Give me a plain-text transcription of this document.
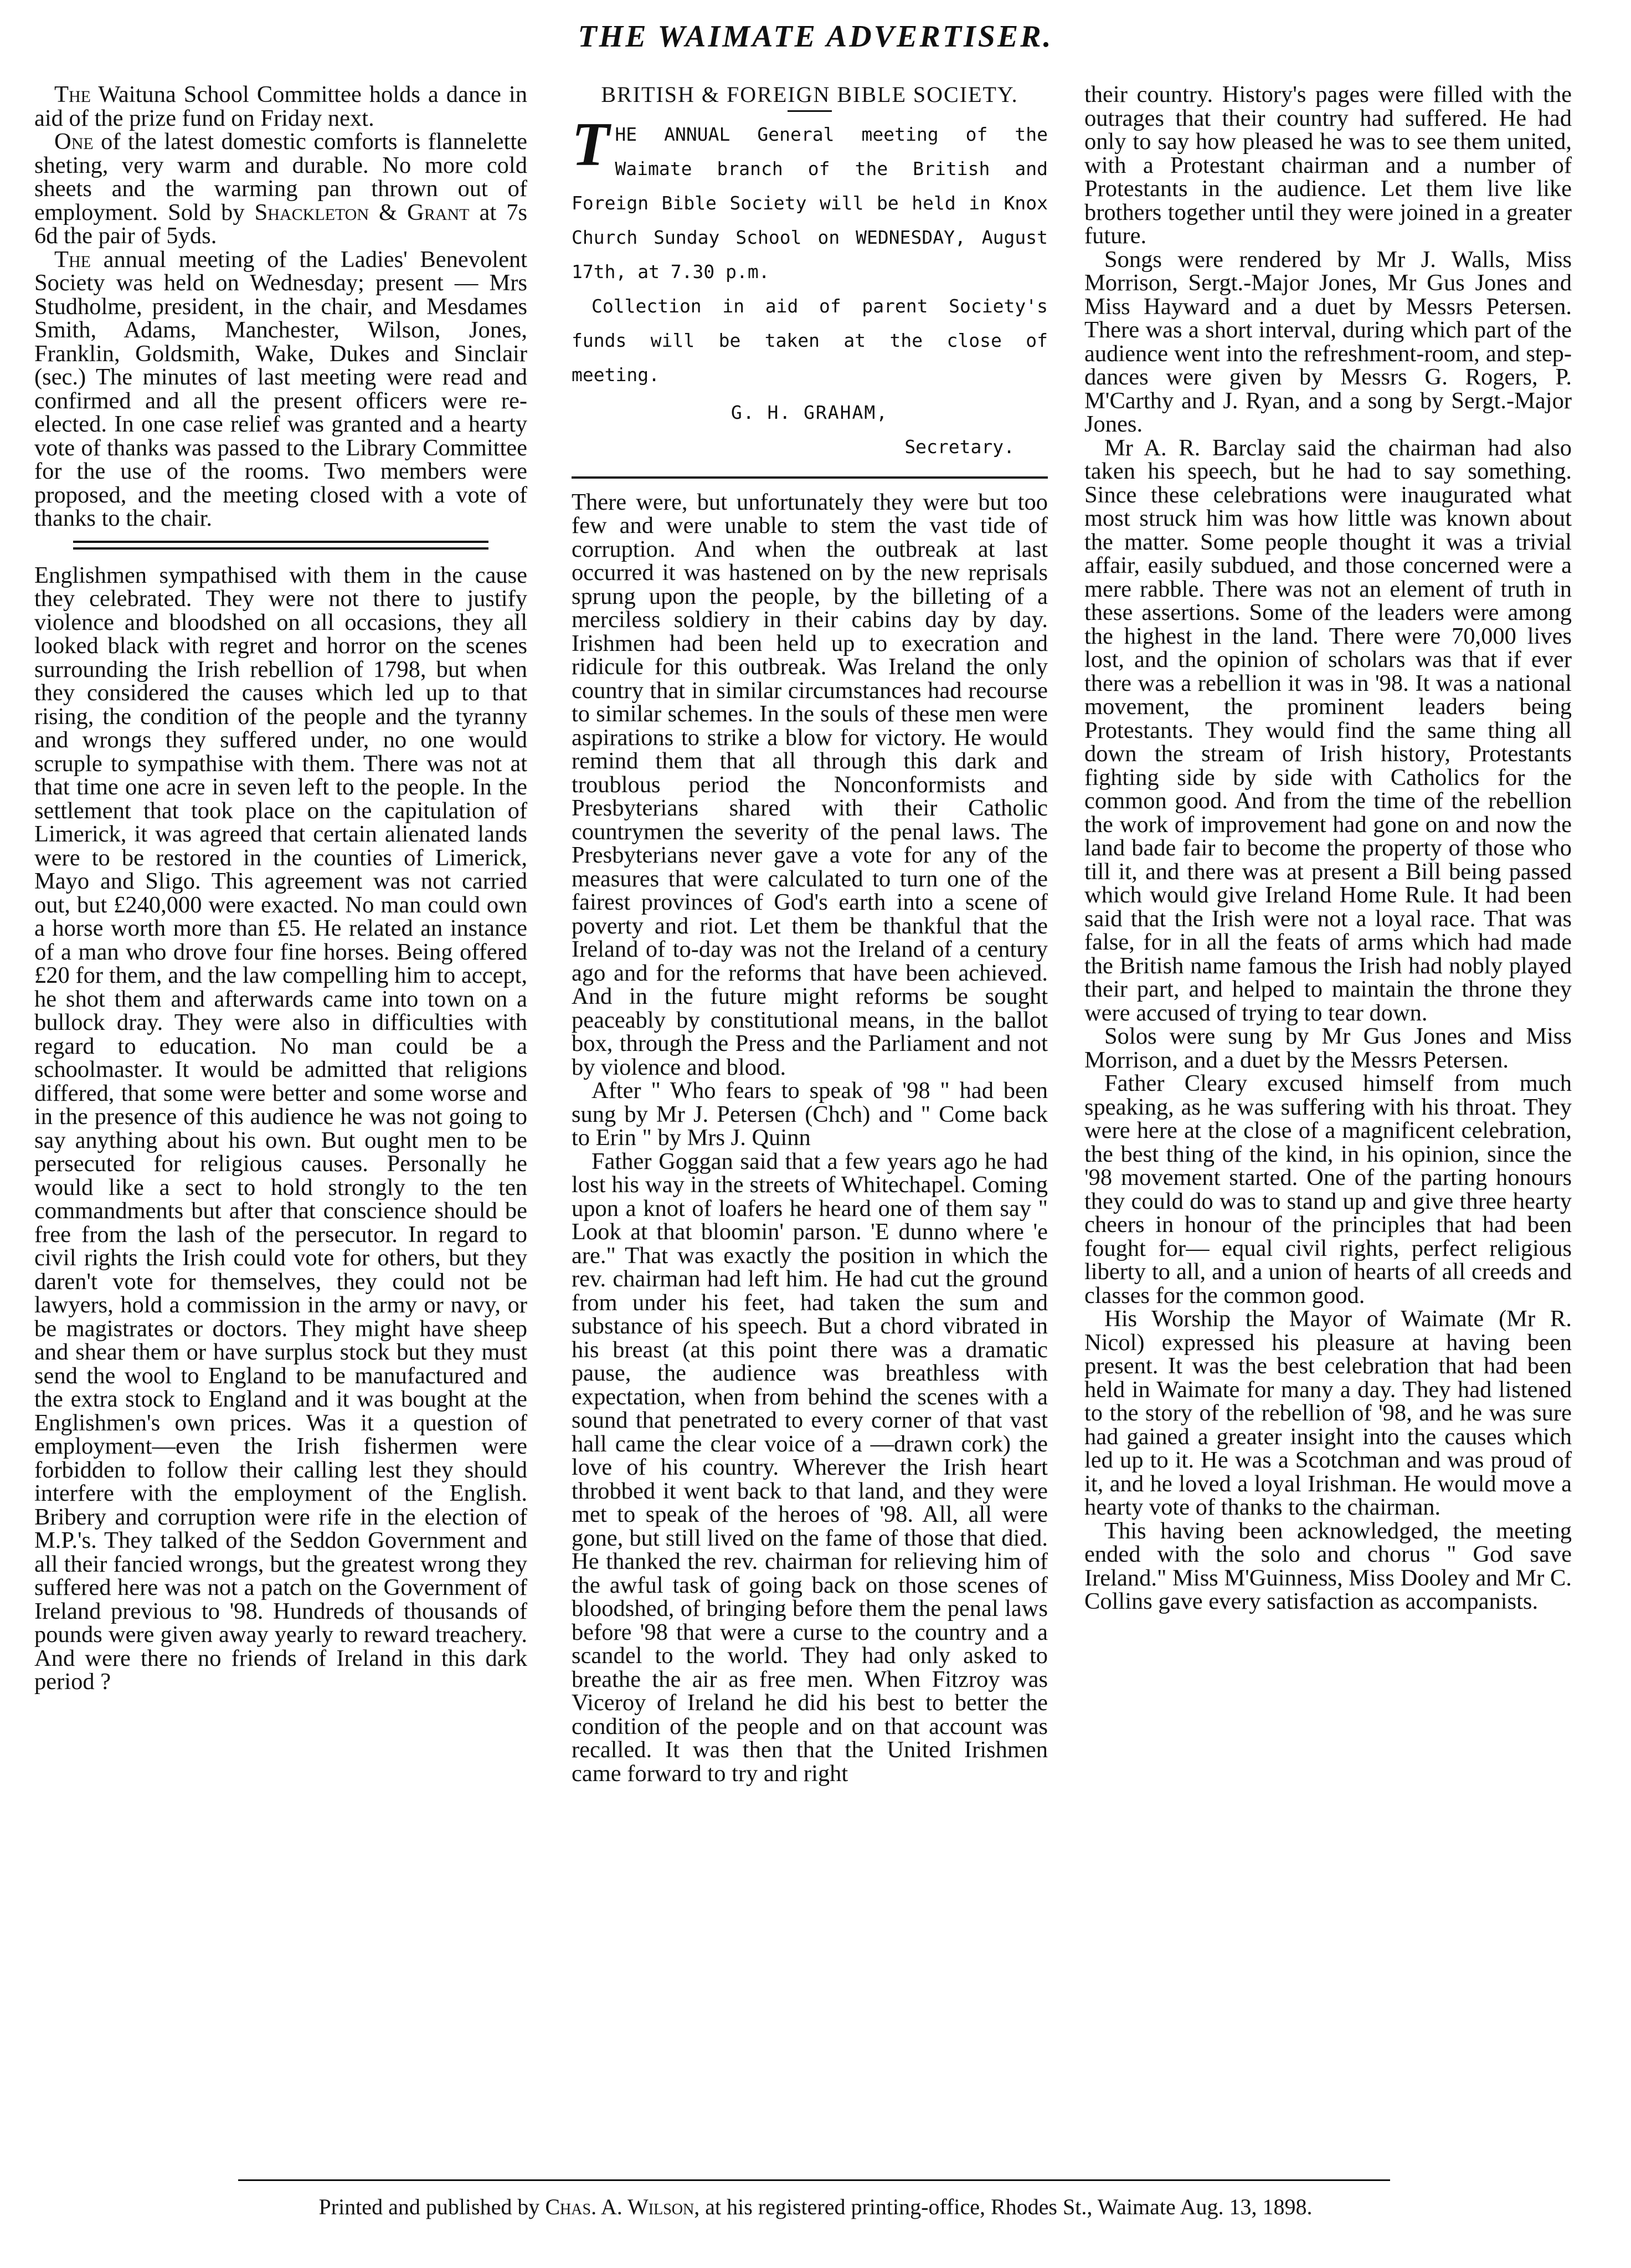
THE WAIMATE ADVERTISER.

The Waituna School Committee holds a dance in aid of the prize fund on Friday next.

One of the latest domestic comforts is flannelette sheting, very warm and durable. No more cold sheets and the warming pan thrown out of employment. Sold by Shackleton & Grant at 7s 6d the pair of 5yds.

The annual meeting of the Ladies' Benevolent Society was held on Wednesday; present — Mrs Studholme, president, in the chair, and Mesdames Smith, Adams, Manchester, Wilson, Jones, Franklin, Goldsmith, Wake, Dukes and Sinclair (sec.) The minutes of last meeting were read and confirmed and all the present officers were re-elected. In one case relief was granted and a hearty vote of thanks was passed to the Library Committee for the use of the rooms. Two members were proposed, and the meeting closed with a vote of thanks to the chair.

Englishmen sympathised with them in the cause they celebrated. They were not there to justify violence and bloodshed on all occasions, they all looked black with regret and horror on the scenes surrounding the Irish rebellion of 1798, but when they considered the causes which led up to that rising, the condition of the people and the tyranny and wrongs they suffered under, no one would scruple to sympathise with them. There was not at that time one acre in seven left to the people. In the settlement that took place on the capitulation of Limerick, it was agreed that certain alienated lands were to be restored in the counties of Limerick, Mayo and Sligo. This agreement was not carried out, but £240,000 were exacted. No man could own a horse worth more than £5. He related an instance of a man who drove four fine horses. Being offered £20 for them, and the law compelling him to accept, he shot them and afterwards came into town on a bullock dray. They were also in difficulties with regard to education. No man could be a schoolmaster. It would be admitted that religions differed, that some were better and some worse and in the presence of this audience he was not going to say anything about his own. But ought men to be persecuted for religious causes. Personally he would like a sect to hold strongly to the ten commandments but after that conscience should be free from the lash of the persecutor. In regard to civil rights the Irish could vote for others, but they daren't vote for themselves, they could not be lawyers, hold a commission in the army or navy, or be magistrates or doctors. They might have sheep and shear them or have surplus stock but they must send the wool to England to be manufactured and the extra stock to England and it was bought at the Englishmen's own prices. Was it a question of employment—even the Irish fishermen were forbidden to follow their calling lest they should interfere with the employment of the English. Bribery and corruption were rife in the election of M.P.'s. They talked of the Seddon Government and all their fancied wrongs, but the greatest wrong they suffered here was not a patch on the Government of Ireland previous to '98. Hundreds of thousands of pounds were given away yearly to reward treachery. And were there no friends of Ireland in this dark period ?

BRITISH & FOREIGN BIBLE SOCIETY.
T HE ANNUAL General meeting of the Waimate branch of the British and Foreign Bible Society will be held in Knox Church Sunday School on WEDNESDAY, August 17th, at 7.30 p.m.
Collection in aid of parent Society's funds will be taken at the close of meeting.
G. H. GRAHAM,
Secretary.

There were, but unfortunately they were but too few and were unable to stem the vast tide of corruption. And when the outbreak at last occurred it was hastened on by the new reprisals sprung upon the people, by the billeting of a merciless soldiery in their cabins day by day. Irishmen had been held up to execration and ridicule for this outbreak. Was Ireland the only country that in similar circumstances had recourse to similar schemes. In the souls of these men were aspirations to strike a blow for victory. He would remind them that all through this dark and troublous period the Nonconformists and Presbyterians shared with their Catholic countrymen the severity of the penal laws. The Presbyterians never gave a vote for any of the measures that were calculated to turn one of the fairest provinces of God's earth into a scene of poverty and riot. Let them be thankful that the Ireland of to-day was not the Ireland of a century ago and for the reforms that have been achieved. And in the future might reforms be sought peaceably by constitutional means, in the ballot box, through the Press and the Parliament and not by violence and blood.

After " Who fears to speak of '98 " had been sung by Mr J. Petersen (Chch) and " Come back to Erin " by Mrs J. Quinn

Father Goggan said that a few years ago he had lost his way in the streets of Whitechapel. Coming upon a knot of loafers he heard one of them say " Look at that bloomin' parson. 'E dunno where 'e are." That was exactly the position in which the rev. chairman had left him. He had cut the ground from under his feet, had taken the sum and substance of his speech. But a chord vibrated in his breast (at this point there was a dramatic pause, the audience was breathless with expectation, when from behind the scenes with a sound that penetrated to every corner of that vast hall came the clear voice of a —drawn cork) the love of his country. Wherever the Irish heart throbbed it went back to that land, and they were met to speak of the heroes of '98. All, all were gone, but still lived on the fame of those that died. He thanked the rev. chairman for relieving him of the awful task of going back on those scenes of bloodshed, of bringing before them the penal laws before '98 that were a curse to the country and a scandel to the world. They had only asked to breathe the air as free men. When Fitzroy was Viceroy of Ireland he did his best to better the condition of the people and on that account was recalled. It was then that the United Irishmen came forward to try and right

their country. History's pages were filled with the outrages that their country had suffered. He had only to say how pleased he was to see them united, with a Protestant chairman and a number of Protestants in the audience. Let them live like brothers together until they were joined in a greater future.

Songs were rendered by Mr J. Walls, Miss Morrison, Sergt.-Major Jones, Mr Gus Jones and Miss Hayward and a duet by Messrs Petersen. There was a short interval, during which part of the audience went into the refreshment-room, and step-dances were given by Messrs G. Rogers, P. M'Carthy and J. Ryan, and a song by Sergt.-Major Jones.

Mr A. R. Barclay said the chairman had also taken his speech, but he had to say something. Since these celebrations were inaugurated what most struck him was how little was known about the matter. Some people thought it was a trivial affair, easily subdued, and those concerned were a mere rabble. There was not an element of truth in these assertions. Some of the leaders were among the highest in the land. There were 70,000 lives lost, and the opinion of scholars was that if ever there was a rebellion it was in '98. It was a national movement, the prominent leaders being Protestants. They would find the same thing all down the stream of Irish history, Protestants fighting side by side with Catholics for the common good. And from the time of the rebellion the work of improvement had gone on and now the land bade fair to become the property of those who till it, and there was at present a Bill being passed which would give Ireland Home Rule. It had been said that the Irish were not a loyal race. That was false, for in all the feats of arms which had made the British name famous the Irish had nobly played their part, and helped to maintain the throne they were accused of trying to tear down.

Solos were sung by Mr Gus Jones and Miss Morrison, and a duet by the Messrs Petersen.

Father Cleary excused himself from much speaking, as he was suffering with his throat. They were here at the close of a magnificent celebration, the best thing of the kind, in his opinion, since the '98 movement started. One of the parting honours they could do was to stand up and give three hearty cheers in honour of the principles that had been fought for— equal civil rights, perfect religious liberty to all, and a union of hearts of all creeds and classes for the common good.

His Worship the Mayor of Waimate (Mr R. Nicol) expressed his pleasure at having been present. It was the best celebration that had been held in Waimate for many a day. They had listened to the story of the rebellion of '98, and he was sure had gained a greater insight into the causes which led up to it. He was a Scotchman and was proud of it, and he loved a loyal Irishman. He would move a hearty vote of thanks to the chairman.

This having been acknowledged, the meeting ended with the solo and chorus " God save Ireland." Miss M'Guinness, Miss Dooley and Mr C. Collins gave every satisfaction as accompanists.

Printed and published by Chas. A. Wilson, at his registered printing-office, Rhodes St., Waimate Aug. 13, 1898.
